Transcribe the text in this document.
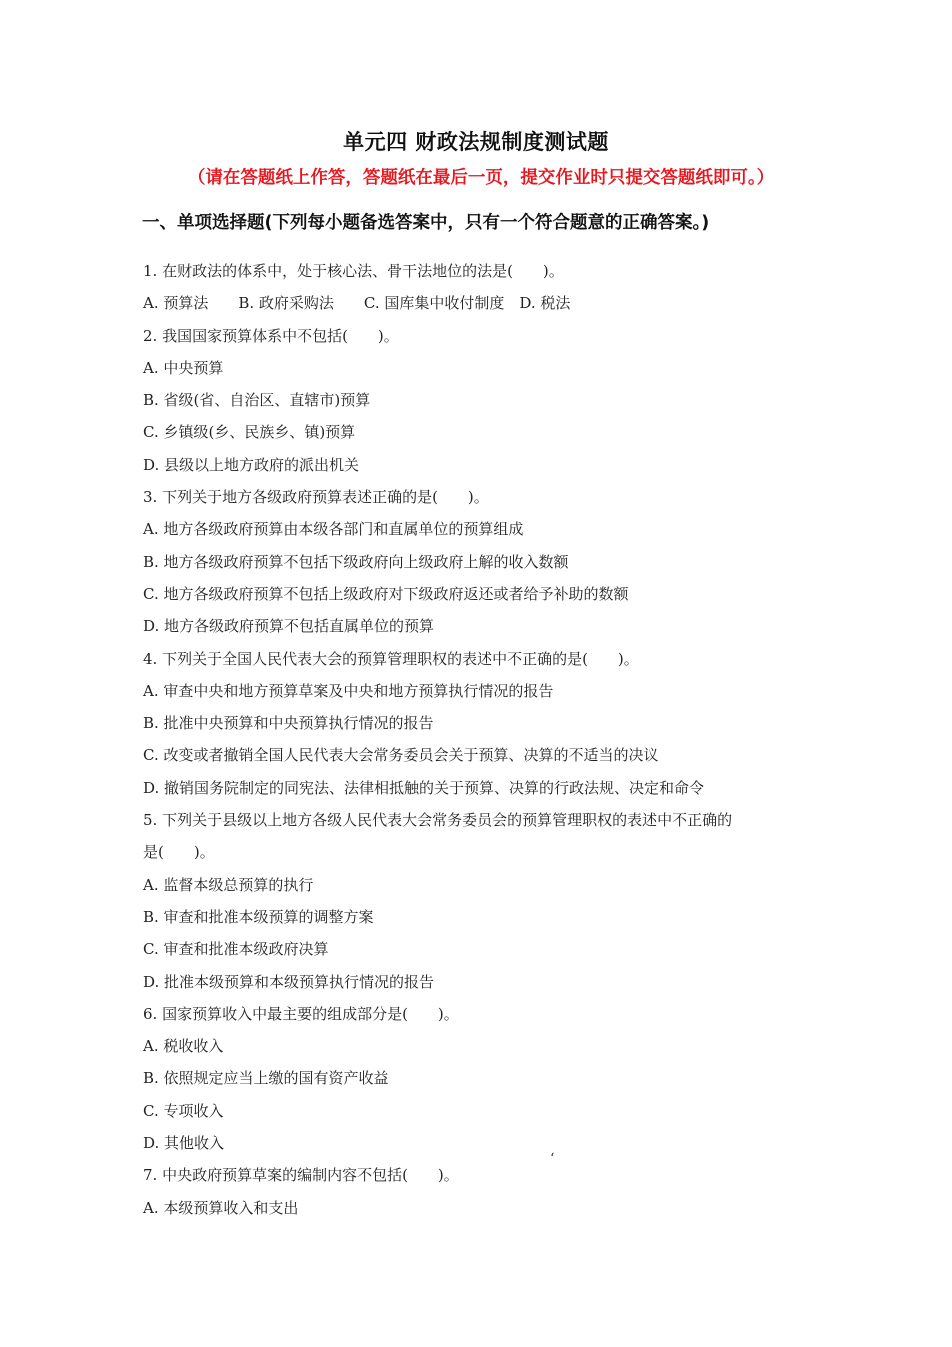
单元四 财政法规制度测试题
（请在答题纸上作答，答题纸在最后一页，提交作业时只提交答题纸即可。）
一、单项选择题(下列每小题备选答案中，只有一个符合题意的正确答案。)
1. 在财政法的体系中，处于核心法、骨干法地位的法是(　　)。
A. 预算法　　B. 政府采购法　　C. 国库集中收付制度　D. 税法
2. 我国国家预算体系中不包括(　　)。
A. 中央预算
B. 省级(省、自治区、直辖市)预算
C. 乡镇级(乡、民族乡、镇)预算
D. 县级以上地方政府的派出机关
3. 下列关于地方各级政府预算表述正确的是(　　)。
A. 地方各级政府预算由本级各部门和直属单位的预算组成
B. 地方各级政府预算不包括下级政府向上级政府上解的收入数额
C. 地方各级政府预算不包括上级政府对下级政府返还或者给予补助的数额
D. 地方各级政府预算不包括直属单位的预算
4. 下列关于全国人民代表大会的预算管理职权的表述中不正确的是(　　)。
A. 审查中央和地方预算草案及中央和地方预算执行情况的报告
B. 批准中央预算和中央预算执行情况的报告
C. 改变或者撤销全国人民代表大会常务委员会关于预算、决算的不适当的决议
D. 撤销国务院制定的同宪法、法律相抵触的关于预算、决算的行政法规、决定和命令
5. 下列关于县级以上地方各级人民代表大会常务委员会的预算管理职权的表述中不正确的
是(　　)。
A. 监督本级总预算的执行
B. 审查和批准本级预算的调整方案
C. 审查和批准本级政府决算
D. 批准本级预算和本级预算执行情况的报告
6. 国家预算收入中最主要的组成部分是(　　)。
A. 税收收入
B. 依照规定应当上缴的国有资产收益
C. 专项收入
D. 其他收入
7. 中央政府预算草案的编制内容不包括(　　)。
A. 本级预算收入和支出
‘
